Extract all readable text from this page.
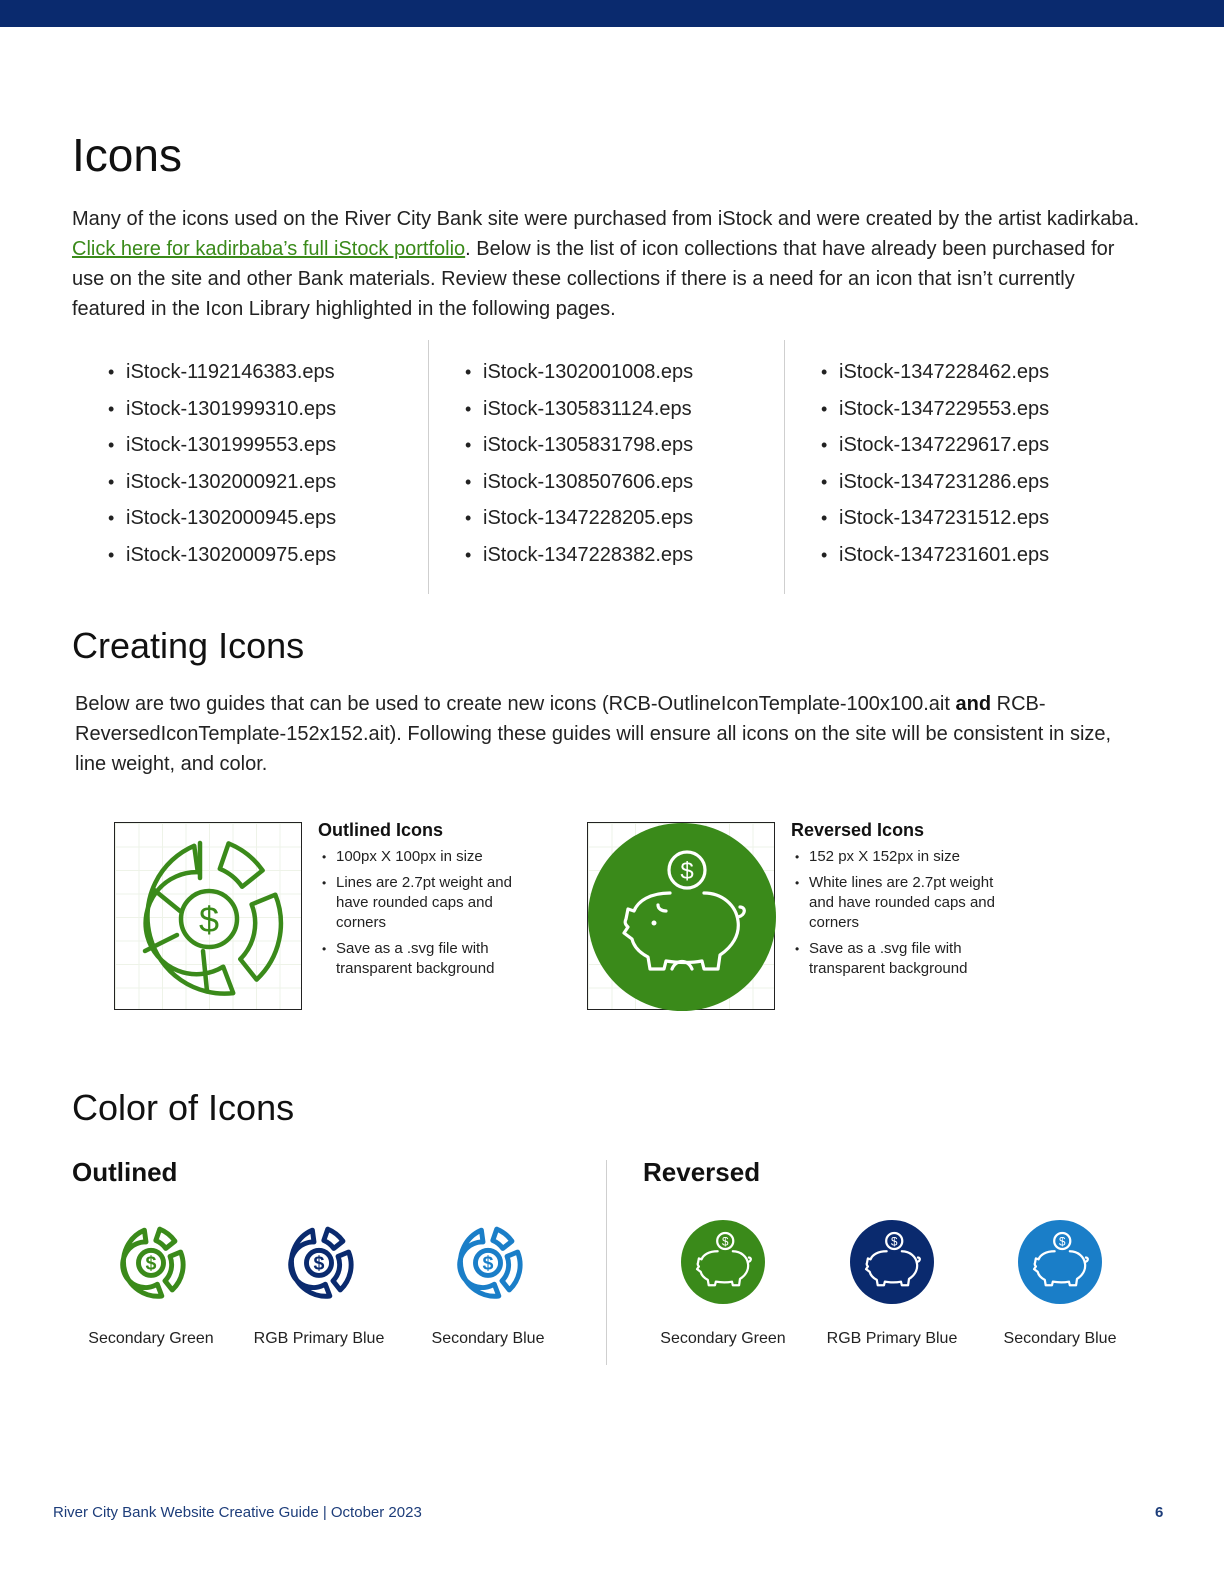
Icons

Many of the icons used on the River City Bank site were purchased from iStock and were created by the artist kadirkaba. Click here for kadirbaba’s full iStock portfolio. Below is the list of icon collections that have already been purchased for use on the site and other Bank materials. Review these collections if there is a need for an icon that isn’t currently featured in the Icon Library highlighted in the following pages.

• iStock-1192146383.eps
• iStock-1301999310.eps
• iStock-1301999553.eps
• iStock-1302000921.eps
• iStock-1302000945.eps
• iStock-1302000975.eps
• iStock-1302001008.eps
• iStock-1305831124.eps
• iStock-1305831798.eps
• iStock-1308507606.eps
• iStock-1347228205.eps
• iStock-1347228382.eps
• iStock-1347228462.eps
• iStock-1347229553.eps
• iStock-1347229617.eps
• iStock-1347231286.eps
• iStock-1347231512.eps
• iStock-1347231601.eps
Creating Icons

Below are two guides that can be used to create new icons (RCB-OutlineIconTemplate-100x100.ait and RCB-ReversedIconTemplate-152x152.ait). Following these guides will ensure all icons on the site will be consistent in size, line weight, and color.

$
Outlined Icons
• 100px X 100px in size
• Lines are 2.7pt weight and have rounded caps and corners
• Save as a .svg file with transparent background
$
Reversed Icons
• 152 px X 152px in size
• White lines are 2.7pt weight and have rounded caps and corners
• Save as a .svg file with transparent background
Color of Icons
Outlined	Reversed
$
Secondary Green
$
RGB Primary Blue
$
Secondary Blue
$
Secondary Green
$
RGB Primary Blue
$
Secondary Blue
River City Bank Website Creative Guide | October 2023	6
